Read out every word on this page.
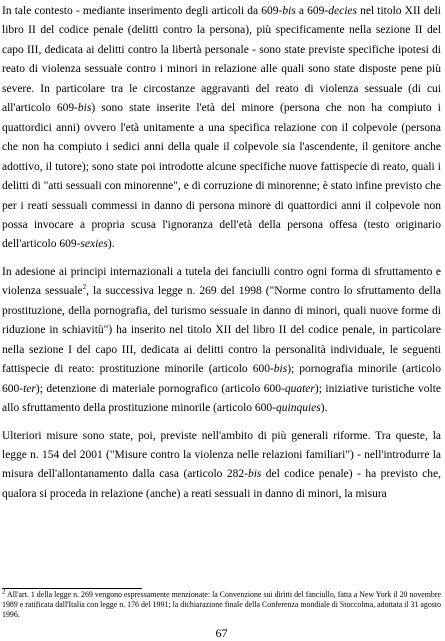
In tale contesto - mediante inserimento degli articoli da 609-bis a 609-decies nel titolo XII deli libro II del codice penale (delitti contro la persona), più specificamente nella sezione II del capo III, dedicata ai delitti contro la libertà personale - sono state previste specifiche ipotesi di reato di violenza sessuale contro i minori in relazione alle quali sono state disposte pene più severe. In particolare tra le circostanze aggravanti del reato di violenza sessuale (di cui all'articolo 609-bis) sono state inserite l'età del minore (persona che non ha compiuto i quattordici anni) ovvero l'età unitamente a una specifica relazione con il colpevole (persona che non ha compiuto i sedici anni della quale il colpevole sia l'ascendente, il genitore anche adottivo, il tutore); sono state poi introdotte alcune specifiche nuove fattispecie di reato, quali i delitti di "atti sessuali con minorenne", e di corruzione di minorenne; è stato infine previsto che per i reati sessuali commessi in danno di persona minore di quattordici anni il colpevole non possa invocare a propria scusa l'ignoranza dell'età della persona offesa (testo originario dell'articolo 609-sexies).

In adesione ai principi internazionali a tutela dei fanciulli contro ogni forma di sfruttamento e violenza sessuale$^2$, la successiva legge n. 269 del 1998 ("Norme contro lo sfruttamento della prostituzione, della pornografia, del turismo sessuale in danno di minori, quali nuove forme di riduzione in schiavitù") ha inserito nel titolo XII del libro II del codice penale, in particolare nella sezione I del capo III, dedicata ai delitti contro la personalità individuale, le seguenti fattispecie di reato: prostituzione minorile (articolo 600-bis); pornografia minorile (articolo 600-ter); detenzione di materiale pornografico (articolo 600-quater); iniziative turistiche volte allo sfruttamento della prostituzione minorile (articolo 600-quinquies).

Ulteriori misure sono state, poi, previste nell'ambito di più generali riforme. Tra queste, la legge n. 154 del 2001 ("Misure contro la violenza nelle relazioni familiari") - nell'introdurre la misura dell'allontanamento dalla casa (articolo 282-bis del codice penale) - ha previsto che, qualora si proceda in relazione (anche) a reati sessuali in danno di minori, la misura

$^2$ All'art. 1 della legge n. 269 vengono espressamente menzionate: la Convenzione sui diritti del fanciullo, fatta a New York il 20 novembre 1989 e ratificata dall'Italia con legge n. 176 del 1991; la dichiarazione finale della Conferenza mondiale di Stoccolma, adottata il 31 agosto 1996.

67
